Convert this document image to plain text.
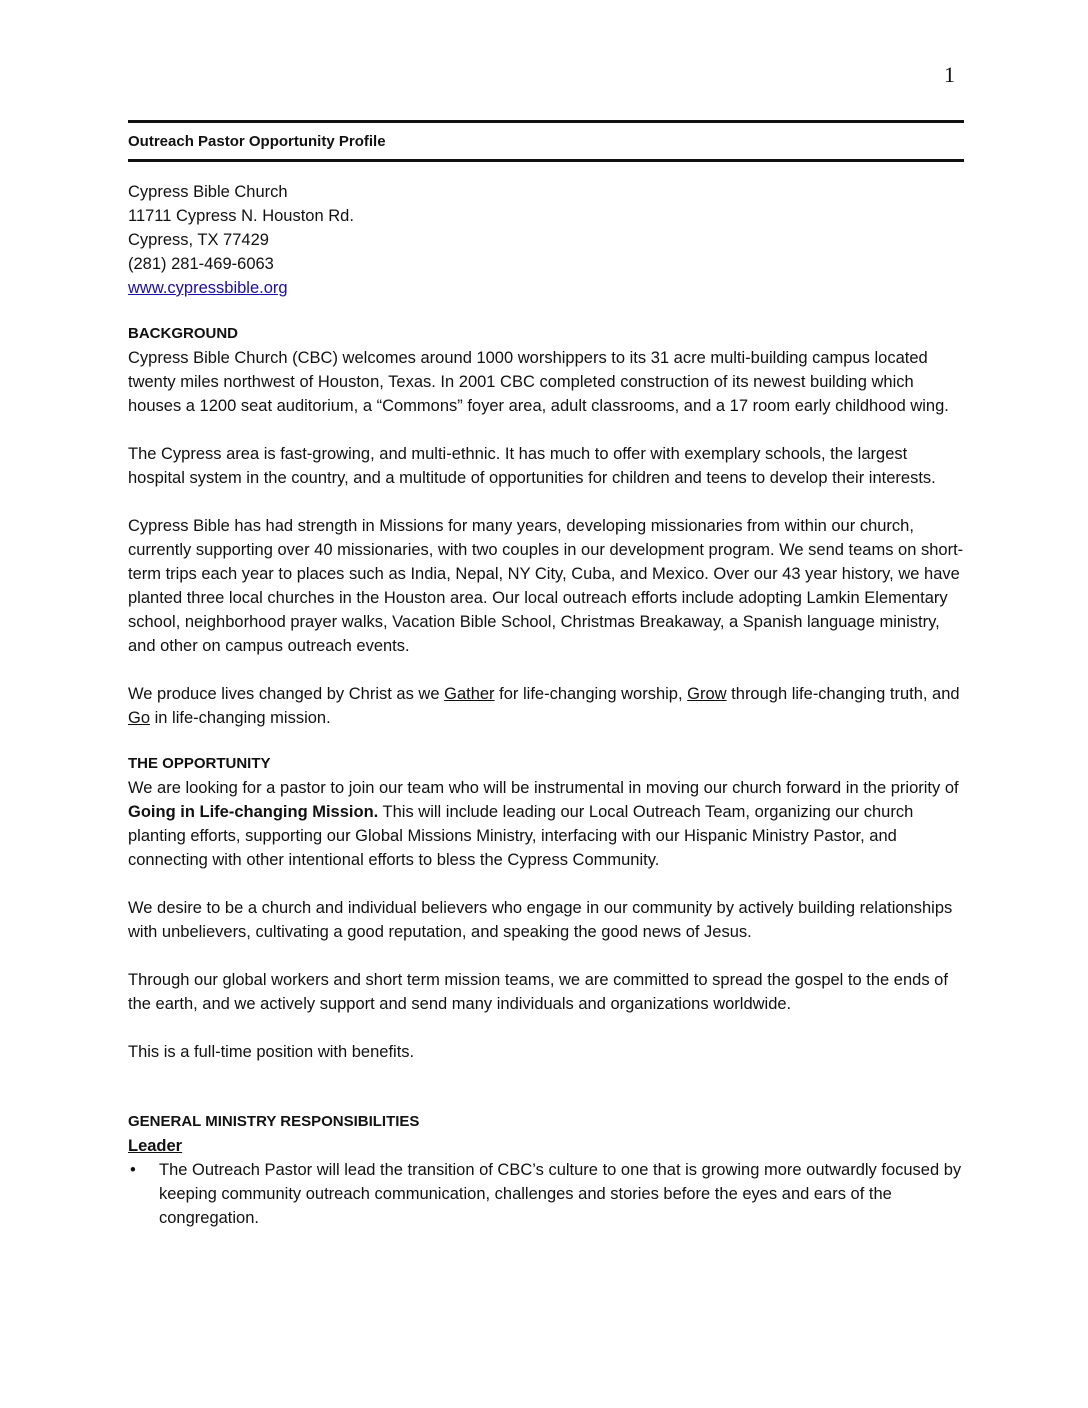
1
Outreach Pastor Opportunity Profile
Cypress Bible Church
11711 Cypress N. Houston Rd.
Cypress, TX 77429
(281) 281-469-6063
www.cypressbible.org
BACKGROUND
Cypress Bible Church (CBC) welcomes around 1000 worshippers to its 31 acre multi-building campus located twenty miles northwest of Houston, Texas. In 2001 CBC completed construction of its newest building which houses a 1200 seat auditorium, a “Commons” foyer area, adult classrooms, and a 17 room early childhood wing.
The Cypress area is fast-growing, and multi-ethnic. It has much to offer with exemplary schools, the largest hospital system in the country, and a multitude of opportunities for children and teens to develop their interests.
Cypress Bible has had strength in Missions for many years, developing missionaries from within our church, currently supporting over 40 missionaries, with two couples in our development program. We send teams on short-term trips each year to places such as India, Nepal, NY City, Cuba, and Mexico. Over our 43 year history, we have planted three local churches in the Houston area. Our local outreach efforts include adopting Lamkin Elementary school, neighborhood prayer walks, Vacation Bible School, Christmas Breakaway, a Spanish language ministry, and other on campus outreach events.
We produce lives changed by Christ as we Gather for life-changing worship, Grow through life-changing truth, and Go in life-changing mission.
THE OPPORTUNITY
We are looking for a pastor to join our team who will be instrumental in moving our church forward in the priority of Going in Life-changing Mission. This will include leading our Local Outreach Team, organizing our church planting efforts, supporting our Global Missions Ministry, interfacing with our Hispanic Ministry Pastor, and connecting with other intentional efforts to bless the Cypress Community.
We desire to be a church and individual believers who engage in our community by actively building relationships with unbelievers, cultivating a good reputation, and speaking the good news of Jesus.
Through our global workers and short term mission teams, we are committed to spread the gospel to the ends of the earth, and we actively support and send many individuals and organizations worldwide.
This is a full-time position with benefits.
GENERAL MINISTRY RESPONSIBILITIES
Leader
• The Outreach Pastor will lead the transition of CBC’s culture to one that is growing more outwardly focused by keeping community outreach communication, challenges and stories before the eyes and ears of the congregation.
